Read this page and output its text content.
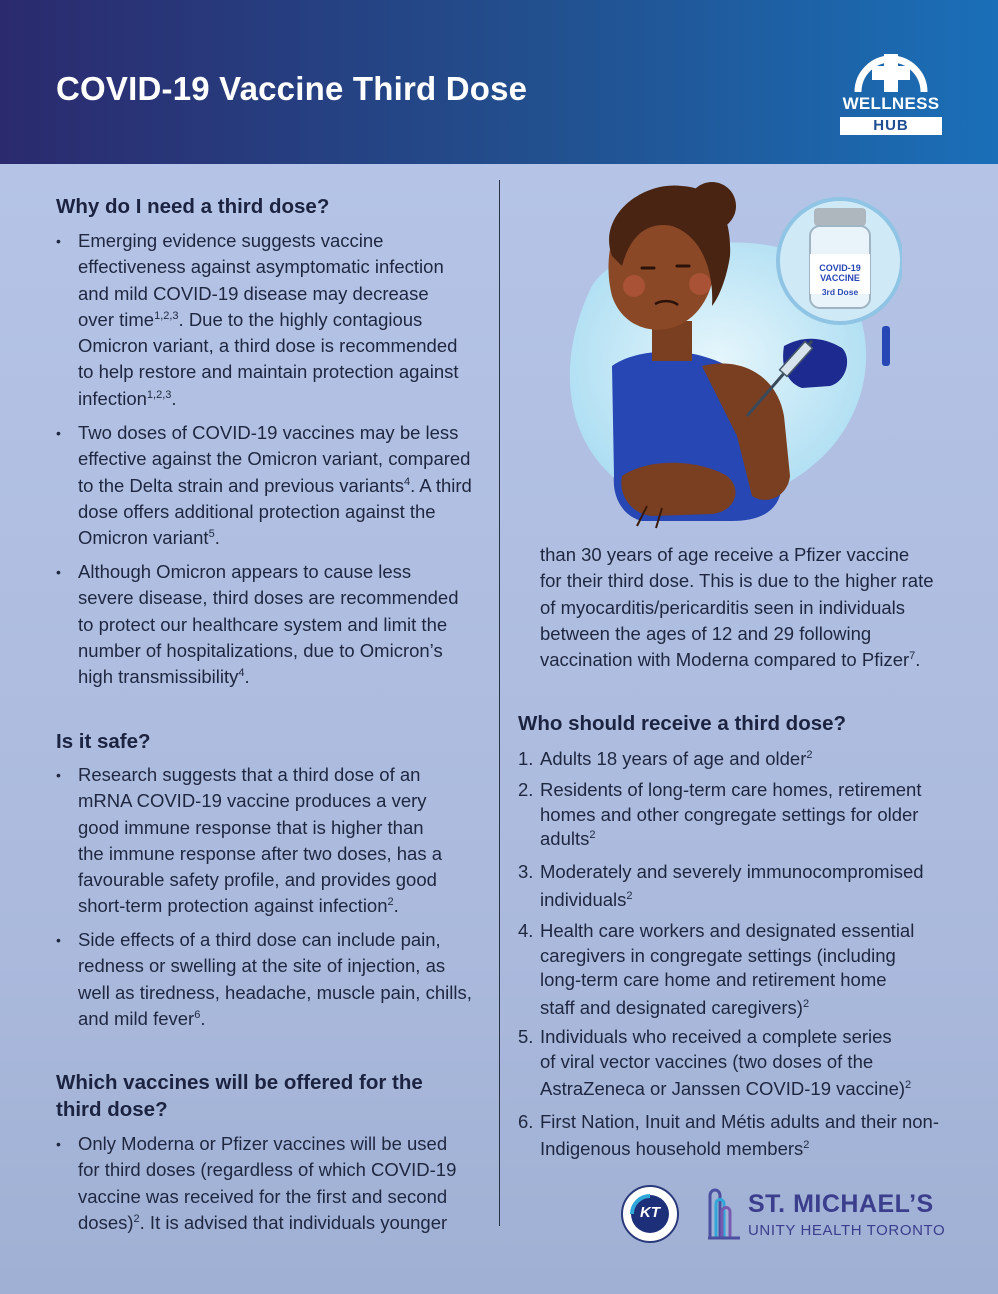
COVID-19 Vaccine Third Dose	WELLNESS
HUB
Why do I need a third dose?
• Emerging evidence suggests vaccine
effectiveness against asymptomatic infection
and mild COVID-19 disease may decrease
over time$^{1,2,3}$. Due to the highly contagious
Omicron variant, a third dose is recommended
to help restore and maintain protection against
infection$^{1,2,3}$.
• Two doses of COVID-19 vaccines may be less
effective against the Omicron variant, compared
to the Delta strain and previous variants$^4$. A third
dose offers additional protection against the
Omicron variant$^5$.
• Although Omicron appears to cause less
severe disease, third doses are recommended
to protect our healthcare system and limit the
number of hospitalizations, due to Omicron’s
high transmissibility$^4$.
Is it safe?
• Research suggests that a third dose of an
mRNA COVID-19 vaccine produces a very
good immune response that is higher than
the immune response after two doses, has a
favourable safety profile, and provides good
short-term protection against infection$^2$.
• Side effects of a third dose can include pain,
redness or swelling at the site of injection, as
well as tiredness, headache, muscle pain, chills,
and mild fever$^6$.
Which vaccines will be offered for the
third dose?
• Only Moderna or Pfizer vaccines will be used
for third doses (regardless of which COVID-19
vaccine was received for the first and second
doses)$^2$. It is advised that individuals younger
COVID-19
VACCINE
3rd Dose
than 30 years of age receive a Pfizer vaccine
for their third dose. This is due to the higher rate
of myocarditis/pericarditis seen in individuals
between the ages of 12 and 29 following
vaccination with Moderna compared to Pfizer$^7$.
Who should receive a third dose?
1. Adults 18 years of age and older$^2$
2. Residents of long-term care homes, retirement
homes and other congregate settings for older
adults$^2$
3. Moderately and severely immunocompromised
individuals$^2$
4. Health care workers and designated essential
caregivers in congregate settings (including
long-term care home and retirement home
staff and designated caregivers)$^2$
5. Individuals who received a complete series
of viral vector vaccines (two doses of the
AstraZeneca or Janssen COVID-19 vaccine)$^2$
6. First Nation, Inuit and Métis adults and their non-
Indigenous household members$^2$
KT	ST. MICHAEL’S
UNITY HEALTH TORONTO
